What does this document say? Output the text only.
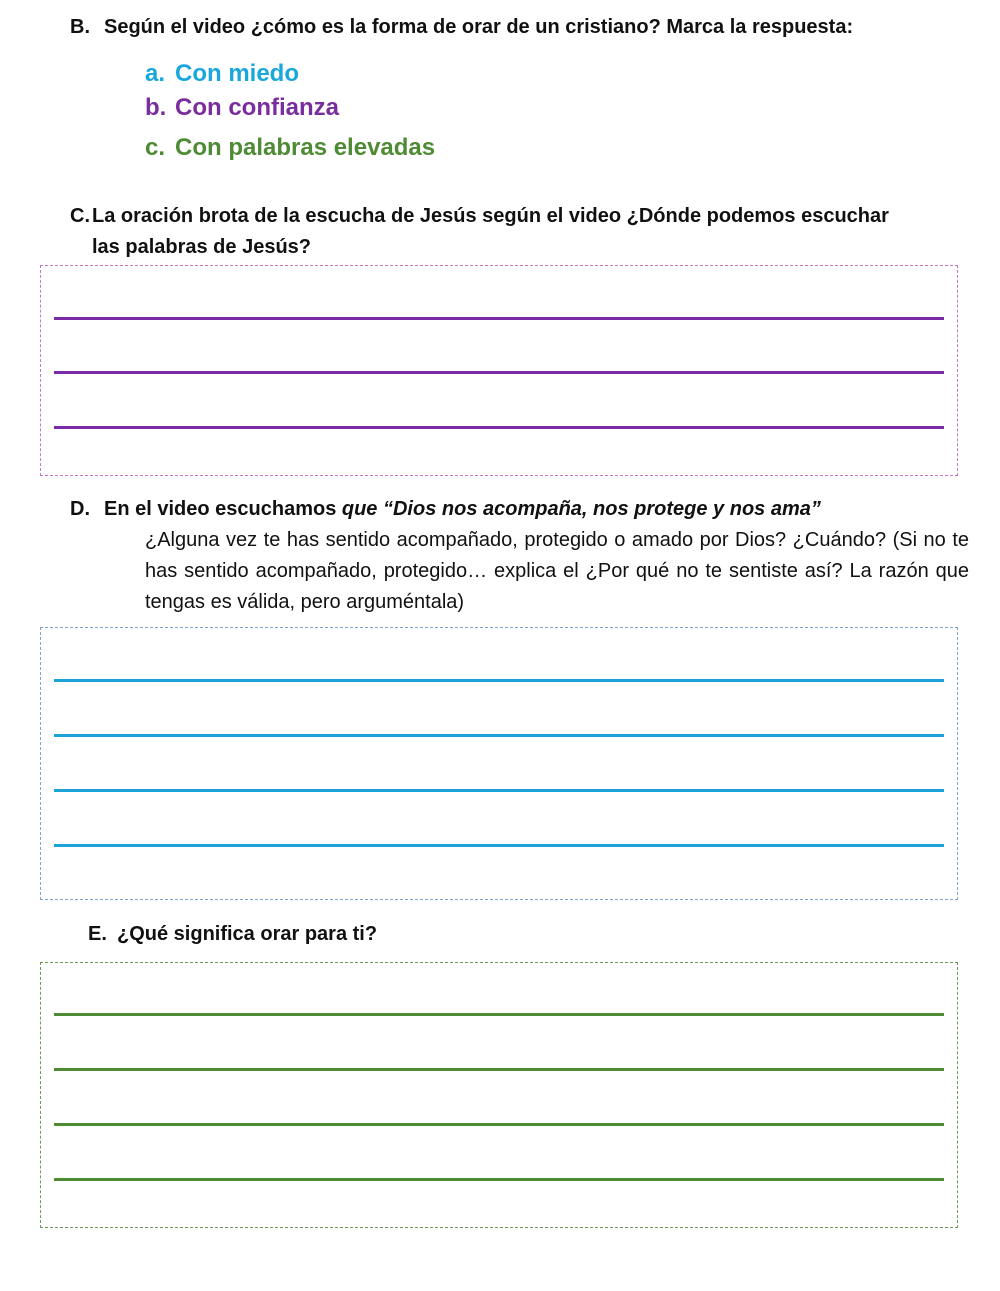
B. Según el video ¿cómo es la forma de orar de un cristiano? Marca la respuesta:
a. Con miedo
b. Con confianza
c. Con palabras elevadas
C. La oración brota de la escucha de Jesús según el video ¿Dónde podemos escuchar
las palabras de Jesús?
D. En el video escuchamos que “Dios nos acompaña, nos protege y nos ama”
¿Alguna vez te has sentido acompañado, protegido o amado por Dios? ¿Cuándo? (Si no te has sentido acompañado, protegido… explica el ¿Por qué no te sentiste así? La razón que tengas es válida, pero arguméntala)
E. ¿Qué significa orar para ti?
